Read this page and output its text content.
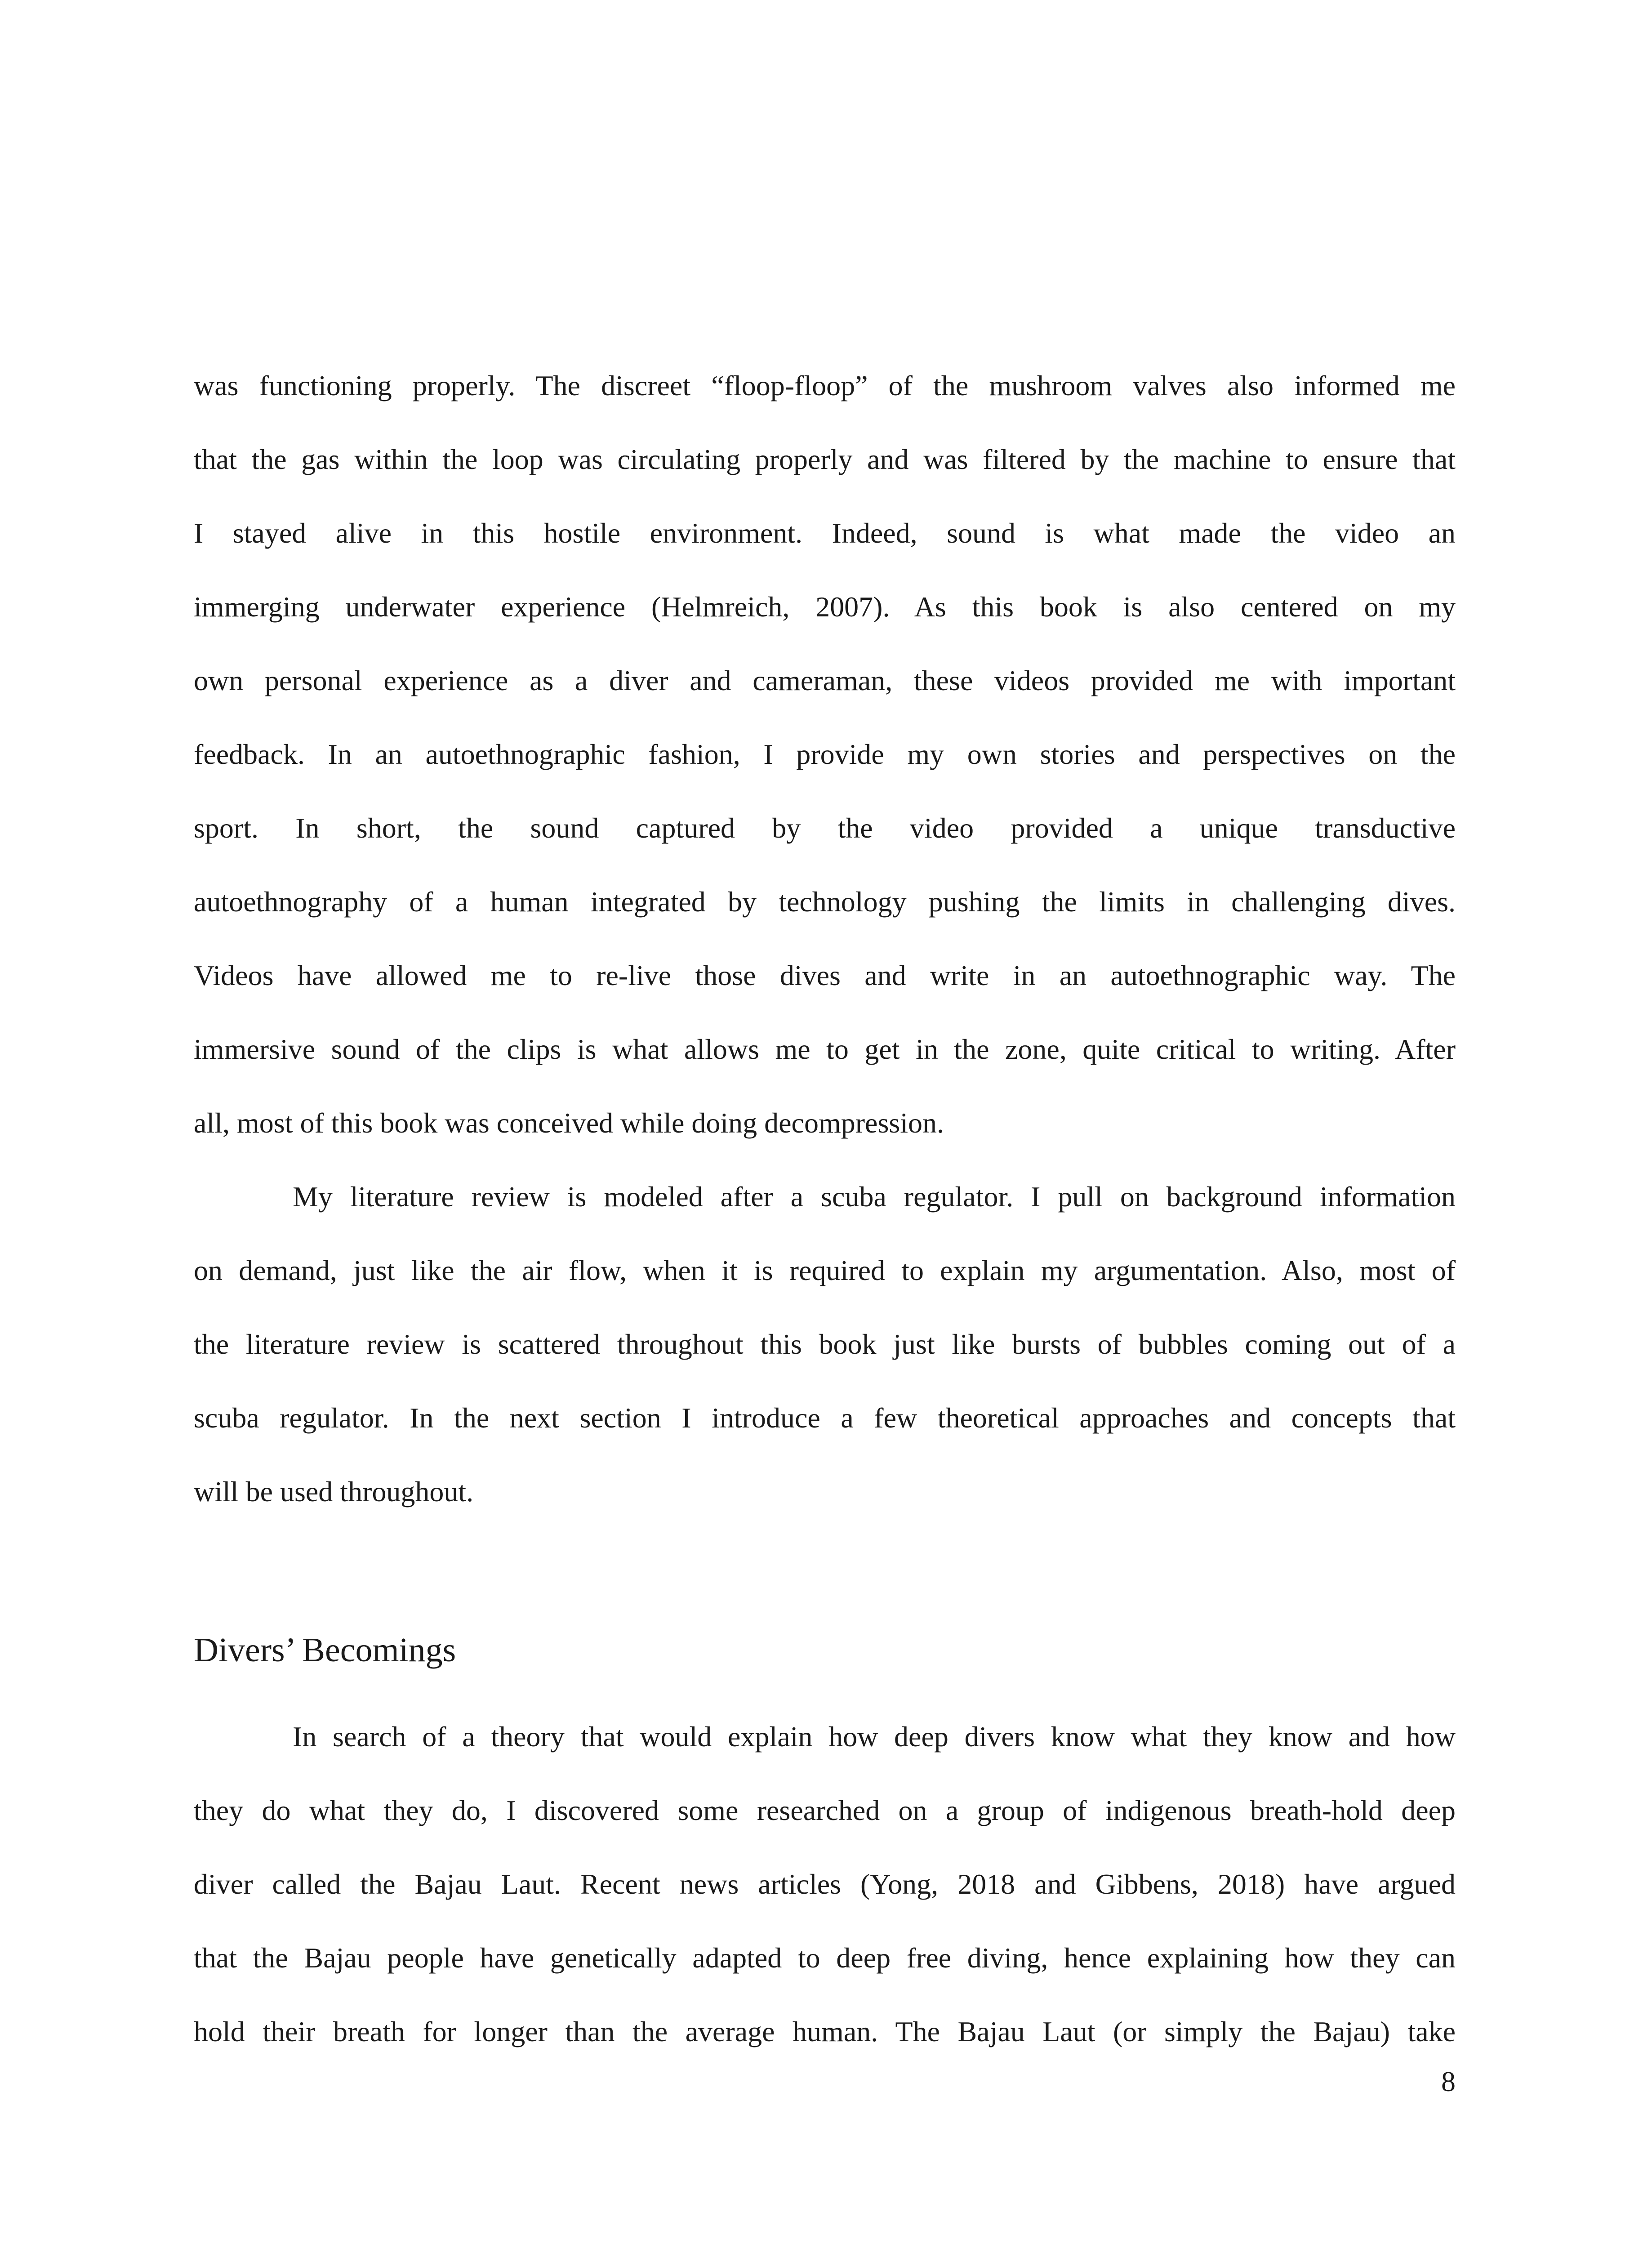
was functioning properly. The discreet “floop-floop” of the mushroom valves also informed me
that the gas within the loop was circulating properly and was filtered by the machine to ensure that
I stayed alive in this hostile environment. Indeed, sound is what made the video an
immerging underwater experience (Helmreich, 2007). As this book is also centered on my
own personal experience as a diver and cameraman, these videos provided me with important
feedback. In an autoethnographic fashion, I provide my own stories and perspectives on the
sport. In short, the sound captured by the video provided a unique transductive
autoethnography of a human integrated by technology pushing the limits in challenging dives.
Videos have allowed me to re-live those dives and write in an autoethnographic way. The
immersive sound of the clips is what allows me to get in the zone, quite critical to writing. After
all, most of this book was conceived while doing decompression.
My literature review is modeled after a scuba regulator. I pull on background information
on demand, just like the air flow, when it is required to explain my argumentation. Also, most of
the literature review is scattered throughout this book just like bursts of bubbles coming out of a
scuba regulator. In the next section I introduce a few theoretical approaches and concepts that
will be used throughout.
Divers’ Becomings
In search of a theory that would explain how deep divers know what they know and how
they do what they do, I discovered some researched on a group of indigenous breath-hold deep
diver called the Bajau Laut. Recent news articles (Yong, 2018 and Gibbens, 2018) have argued
that the Bajau people have genetically adapted to deep free diving, hence explaining how they can
hold their breath for longer than the average human. The Bajau Laut (or simply the Bajau) take
8
